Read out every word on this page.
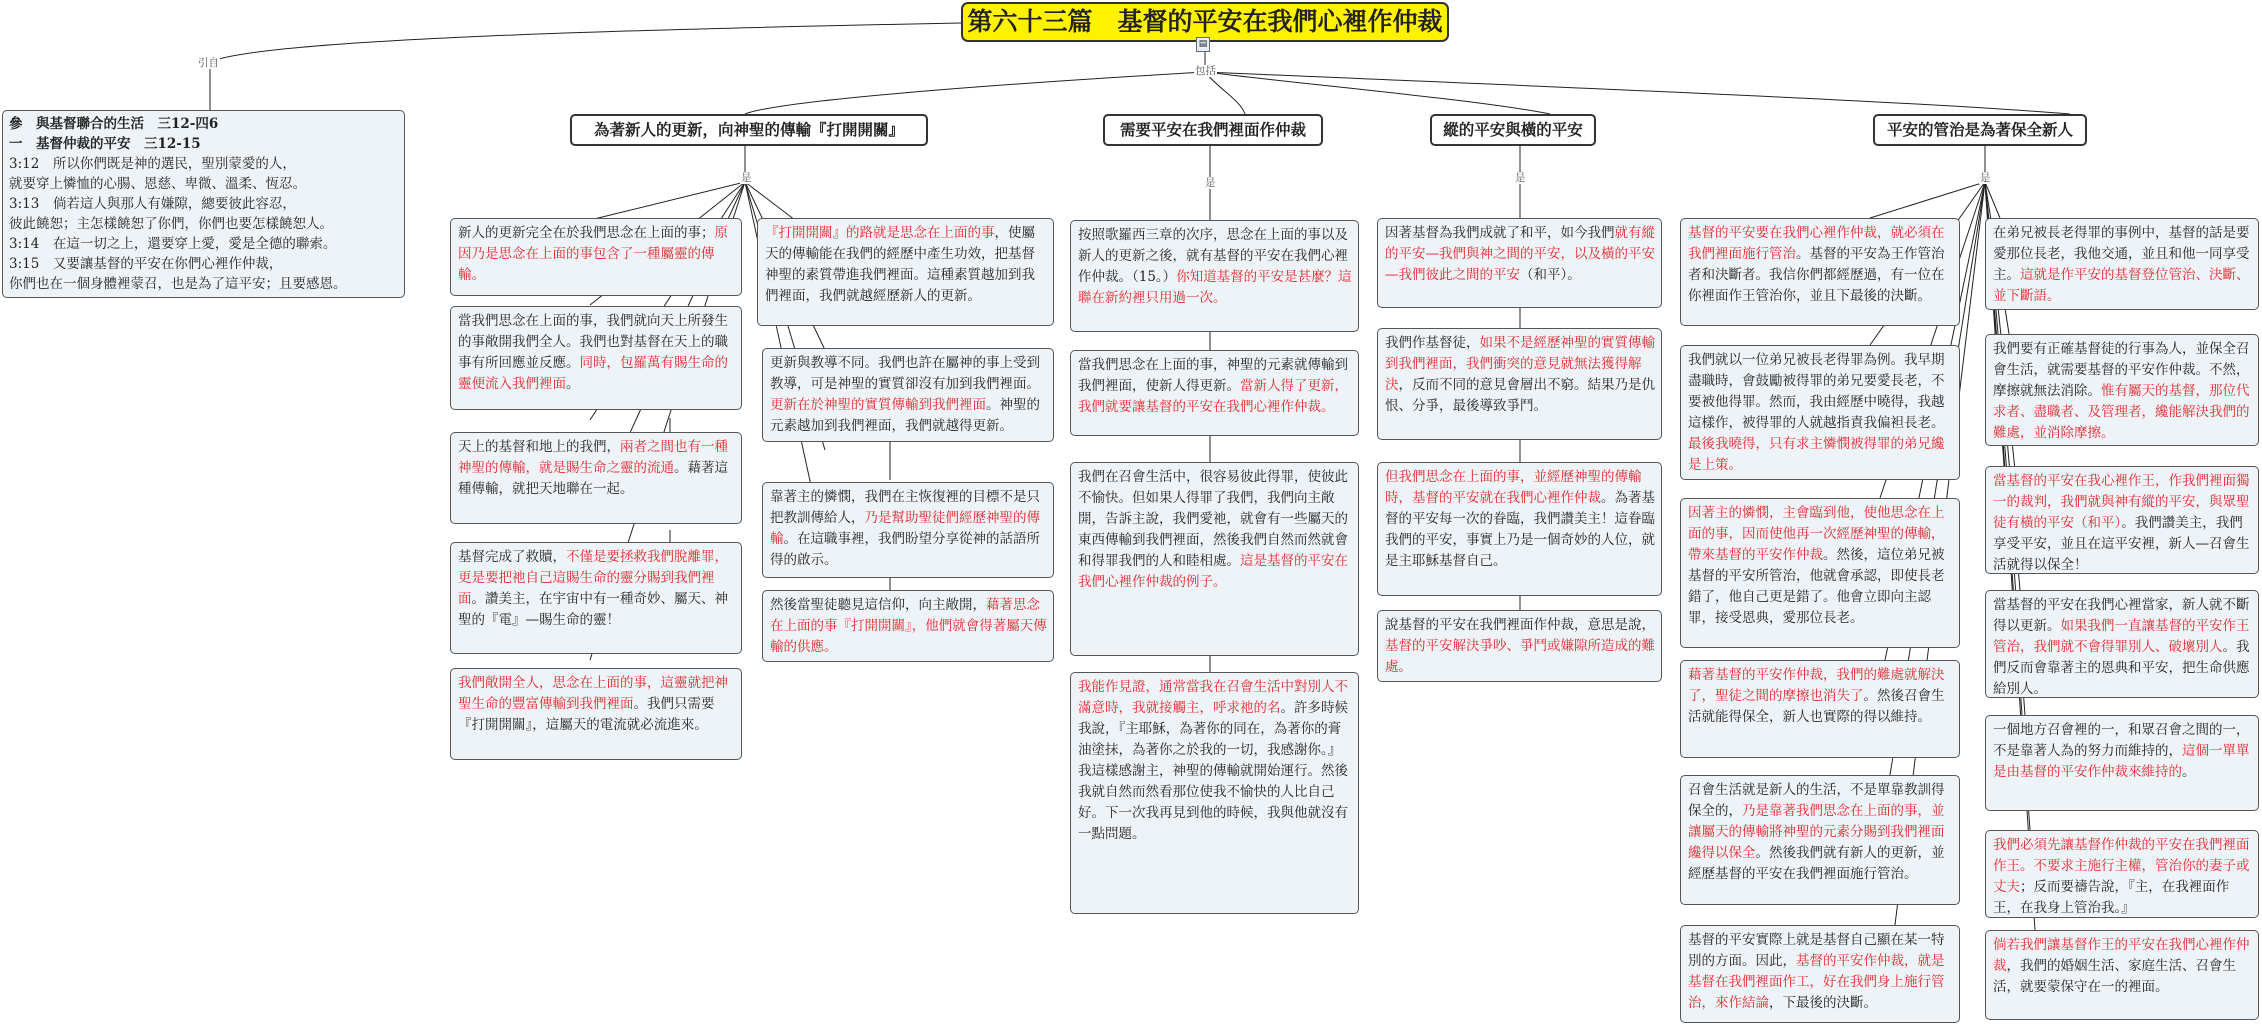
引自
包括
是	是	是	是
第六十三篇　基督的平安在我們心裡作仲裁
▤
參　與基督聯合的生活　三12-四6
一　基督仲裁的平安　三12-15
3:12　所以你們既是神的選民，聖別蒙愛的人，
就要穿上憐恤的心腸、恩慈、卑微、溫柔、恆忍。
3:13　倘若這人與那人有嫌隙，總要彼此容忍，
彼此饒恕；主怎樣饒恕了你們，你們也要怎樣饒恕人。
3:14　在這一切之上，還要穿上愛，愛是全德的聯索。
3:15　又要讓基督的平安在你們心裡作仲裁，
你們也在一個身體裡蒙召，也是為了這平安；且要感恩。
為著新人的更新，向神聖的傳輸『打開開關』	需要平安在我們裡面作仲裁	縱的平安與橫的平安	平安的管治是為著保全新人
新人的更新完全在於我們思念在上面的事；原因乃是思念在上面的事包含了一種屬靈的傳輸。
當我們思念在上面的事，我們就向天上所發生的事敞開我們全人。我們也對基督在天上的職事有所回應並反應。同時，包羅萬有賜生命的靈便流入我們裡面。
天上的基督和地上的我們，兩者之間也有一種神聖的傳輸，就是賜生命之靈的流通。藉著這種傳輸，就把天地聯在一起。
基督完成了救贖，不僅是要拯救我們脫離罪，更是要把祂自己這賜生命的靈分賜到我們裡面。讚美主，在宇宙中有一種奇妙、屬天、神聖的『電』—賜生命的靈！
我們敞開全人，思念在上面的事，這靈就把神聖生命的豐富傳輸到我們裡面。我們只需要『打開開關』，這屬天的電流就必流進來。
『打開開關』的路就是思念在上面的事，使屬天的傳輸能在我們的經歷中產生功效，把基督神聖的素質帶進我們裡面。這種素質越加到我們裡面，我們就越經歷新人的更新。
更新與教導不同。我們也許在屬神的事上受到教導，可是神聖的實質卻沒有加到我們裡面。更新在於神聖的實質傳輸到我們裡面。神聖的元素越加到我們裡面，我們就越得更新。
靠著主的憐憫，我們在主恢復裡的目標不是只把教訓傳給人，乃是幫助聖徒們經歷神聖的傳輸。在這職事裡，我們盼望分享從神的話語所得的啟示。
然後當聖徒聽見這信仰，向主敞開，藉著思念在上面的事『打開開關』，他們就會得著屬天傳輸的供應。
按照歌羅西三章的次序，思念在上面的事以及新人的更新之後，就有基督的平安在我們心裡作仲裁。（15。）你知道基督的平安是甚麼？這聯在新約裡只用過一次。
當我們思念在上面的事，神聖的元素就傳輸到我們裡面，使新人得更新。當新人得了更新，我們就要讓基督的平安在我們心裡作仲裁。
我們在召會生活中，很容易彼此得罪，使彼此不愉快。但如果人得罪了我們，我們向主敞開，告訴主說，我們愛祂，就會有一些屬天的東西傳輸到我們裡面，然後我們自然而然就會和得罪我們的人和睦相處。這是基督的平安在我們心裡作仲裁的例子。
我能作見證，通常當我在召會生活中對別人不滿意時，我就接觸主，呼求祂的名。許多時候我說，『主耶穌，為著你的同在，為著你的膏油塗抹，為著你之於我的一切，我感謝你。』我這樣感謝主，神聖的傳輸就開始運行。然後我就自然而然看那位使我不愉快的人比自己好。下一次我再見到他的時候，我與他就沒有一點問題。
因著基督為我們成就了和平，如今我們就有縱的平安—我們與神之間的平安，以及橫的平安—我們彼此之間的平安（和平）。
我們作基督徒，如果不是經歷神聖的實質傳輸到我們裡面，我們衝突的意見就無法獲得解決，反而不同的意見會層出不窮。結果乃是仇恨、分爭，最後導致爭鬥。
但我們思念在上面的事，並經歷神聖的傳輸時，基督的平安就在我們心裡作仲裁。為著基督的平安每一次的眷臨，我們讚美主！這眷臨我們的平安，事實上乃是一個奇妙的人位，就是主耶穌基督自己。
說基督的平安在我們裡面作仲裁，意思是說，基督的平安解決爭吵、爭鬥或嫌隙所造成的難處。
基督的平安要在我們心裡作仲裁，就必須在我們裡面施行管治。基督的平安為王作管治者和決斷者。我信你們都經歷過，有一位在你裡面作王管治你，並且下最後的決斷。
我們就以一位弟兄被長老得罪為例。我早期盡職時，會鼓勵被得罪的弟兄要愛長老，不要被他得罪。然而，我由經歷中曉得，我越這樣作，被得罪的人就越指責我偏袒長老。最後我曉得，只有求主憐憫被得罪的弟兄纔是上策。
因著主的憐憫，主會臨到他，使他思念在上面的事，因而使他再一次經歷神聖的傳輸，帶來基督的平安作仲裁。然後，這位弟兄被基督的平安所管治，他就會承認，即使長老錯了，他自己更是錯了。他會立即向主認罪，接受恩典，愛那位長老。
藉著基督的平安作仲裁，我們的難處就解決了，聖徒之間的摩擦也消失了。然後召會生活就能得保全，新人也實際的得以維持。
召會生活就是新人的生活，不是單靠教訓得保全的，乃是靠著我們思念在上面的事，並讓屬天的傳輸將神聖的元素分賜到我們裡面纔得以保全。然後我們就有新人的更新，並經歷基督的平安在我們裡面施行管治。
基督的平安實際上就是基督自己顯在某一特別的方面。因此，基督的平安作仲裁，就是基督在我們裡面作工，好在我們身上施行管治，來作結論，下最後的決斷。
在弟兄被長老得罪的事例中，基督的話是要愛那位長老，我他交通，並且和他一同享受主。這就是作平安的基督登位管治、決斷、並下斷語。
我們要有正確基督徒的行事為人，並保全召會生活，就需要基督的平安作仲裁。不然，摩擦就無法消除。惟有屬天的基督，那位代求者、盡職者、及管理者，纔能解決我們的難處，並消除摩擦。
當基督的平安在我心裡作王，作我們裡面獨一的裁判，我們就與神有縱的平安，與眾聖徒有橫的平安（和平）。我們讚美主，我們享受平安，並且在這平安裡，新人—召會生活就得以保全！
當基督的平安在我們心裡當家，新人就不斷得以更新。如果我們一直讓基督的平安作王管治，我們就不會得罪別人、破壞別人。我們反而會靠著主的恩典和平安，把生命供應給別人。
一個地方召會裡的一，和眾召會之間的一，不是靠著人為的努力而維持的，這個一單單是由基督的平安作仲裁來維持的。
我們必須先讓基督作仲裁的平安在我們裡面作王。不要求主施行主權，管治你的妻子或丈夫；反而要禱告說，『主，在我裡面作王，在我身上管治我。』
倘若我們讓基督作王的平安在我們心裡作仲裁，我們的婚姻生活、家庭生活、召會生活，就要蒙保守在一的裡面。
